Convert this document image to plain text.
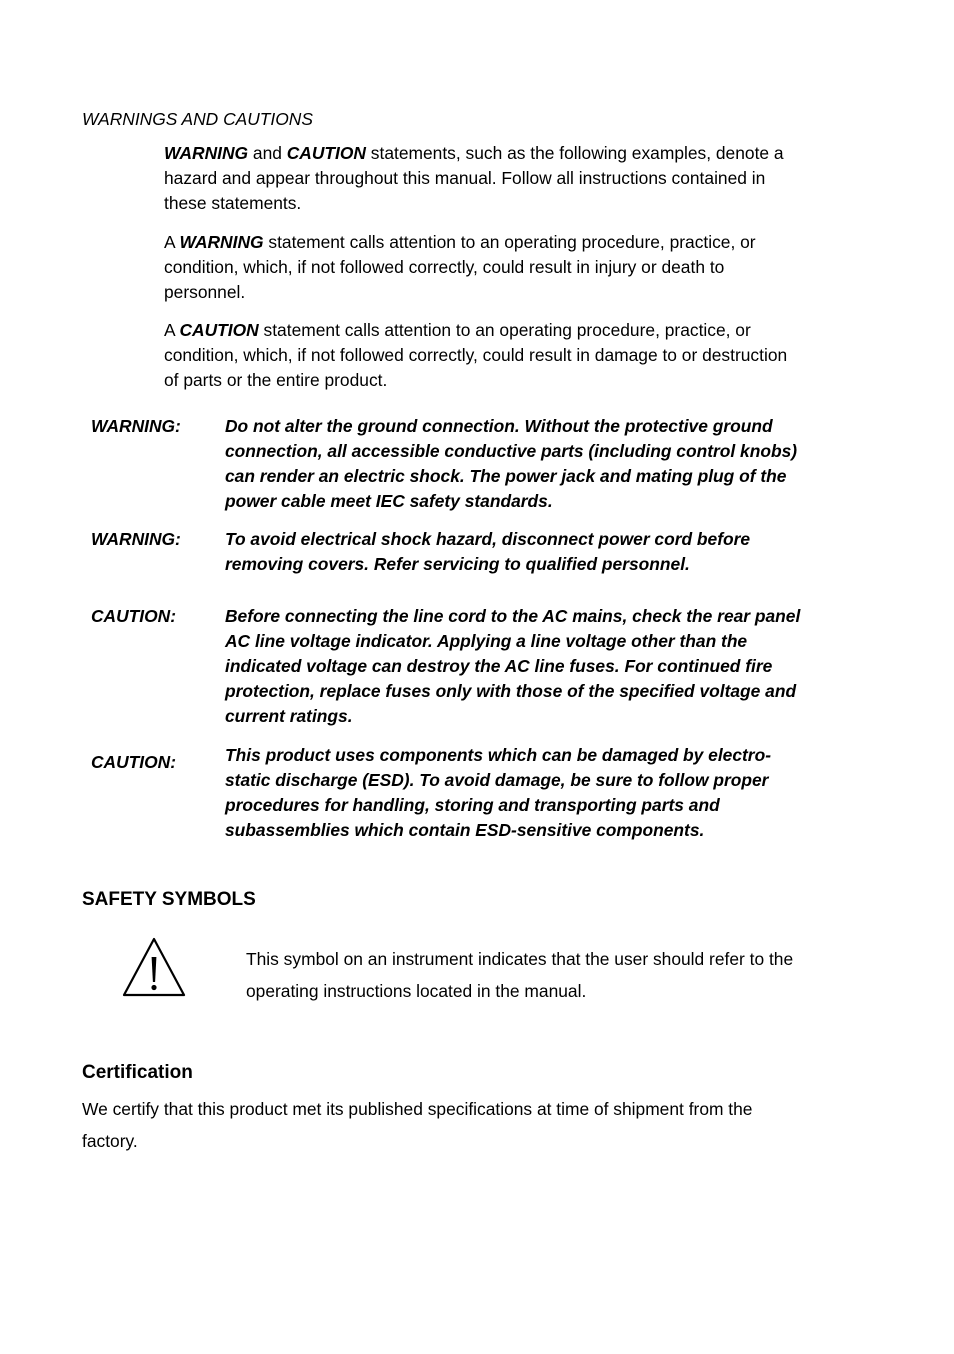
WARNINGS AND CAUTIONS
WARNING and CAUTION statements, such as the following examples, denote a
hazard and appear throughout this manual. Follow all instructions contained in
these statements.
A WARNING statement calls attention to an operating procedure, practice, or
condition, which, if not followed correctly, could result in injury or death to
personnel.
A CAUTION statement calls attention to an operating procedure, practice, or
condition, which, if not followed correctly, could result in damage to or destruction
of parts or the entire product.
WARNING:	Do not alter the ground connection. Without the protective ground
connection, all accessible conductive parts (including control knobs)
can render an electric shock. The power jack and mating plug of the
power cable meet IEC safety standards.
WARNING:	To avoid electrical shock hazard, disconnect power cord before
removing covers. Refer servicing to qualified personnel.
CAUTION:	Before connecting the line cord to the AC mains, check the rear panel
AC line voltage indicator. Applying a line voltage other than the
indicated voltage can destroy the AC line fuses. For continued fire
protection, replace fuses only with those of the specified voltage and
current ratings.
CAUTION:	This product uses components which can be damaged by electro-
static discharge (ESD). To avoid damage, be sure to follow proper
procedures for handling, storing and transporting parts and
subassemblies which contain ESD-sensitive components.
SAFETY SYMBOLS
This symbol on an instrument indicates that the user should refer to the
operating instructions located in the manual.
Certification
We certify that this product met its published specifications at time of shipment from the
factory.
